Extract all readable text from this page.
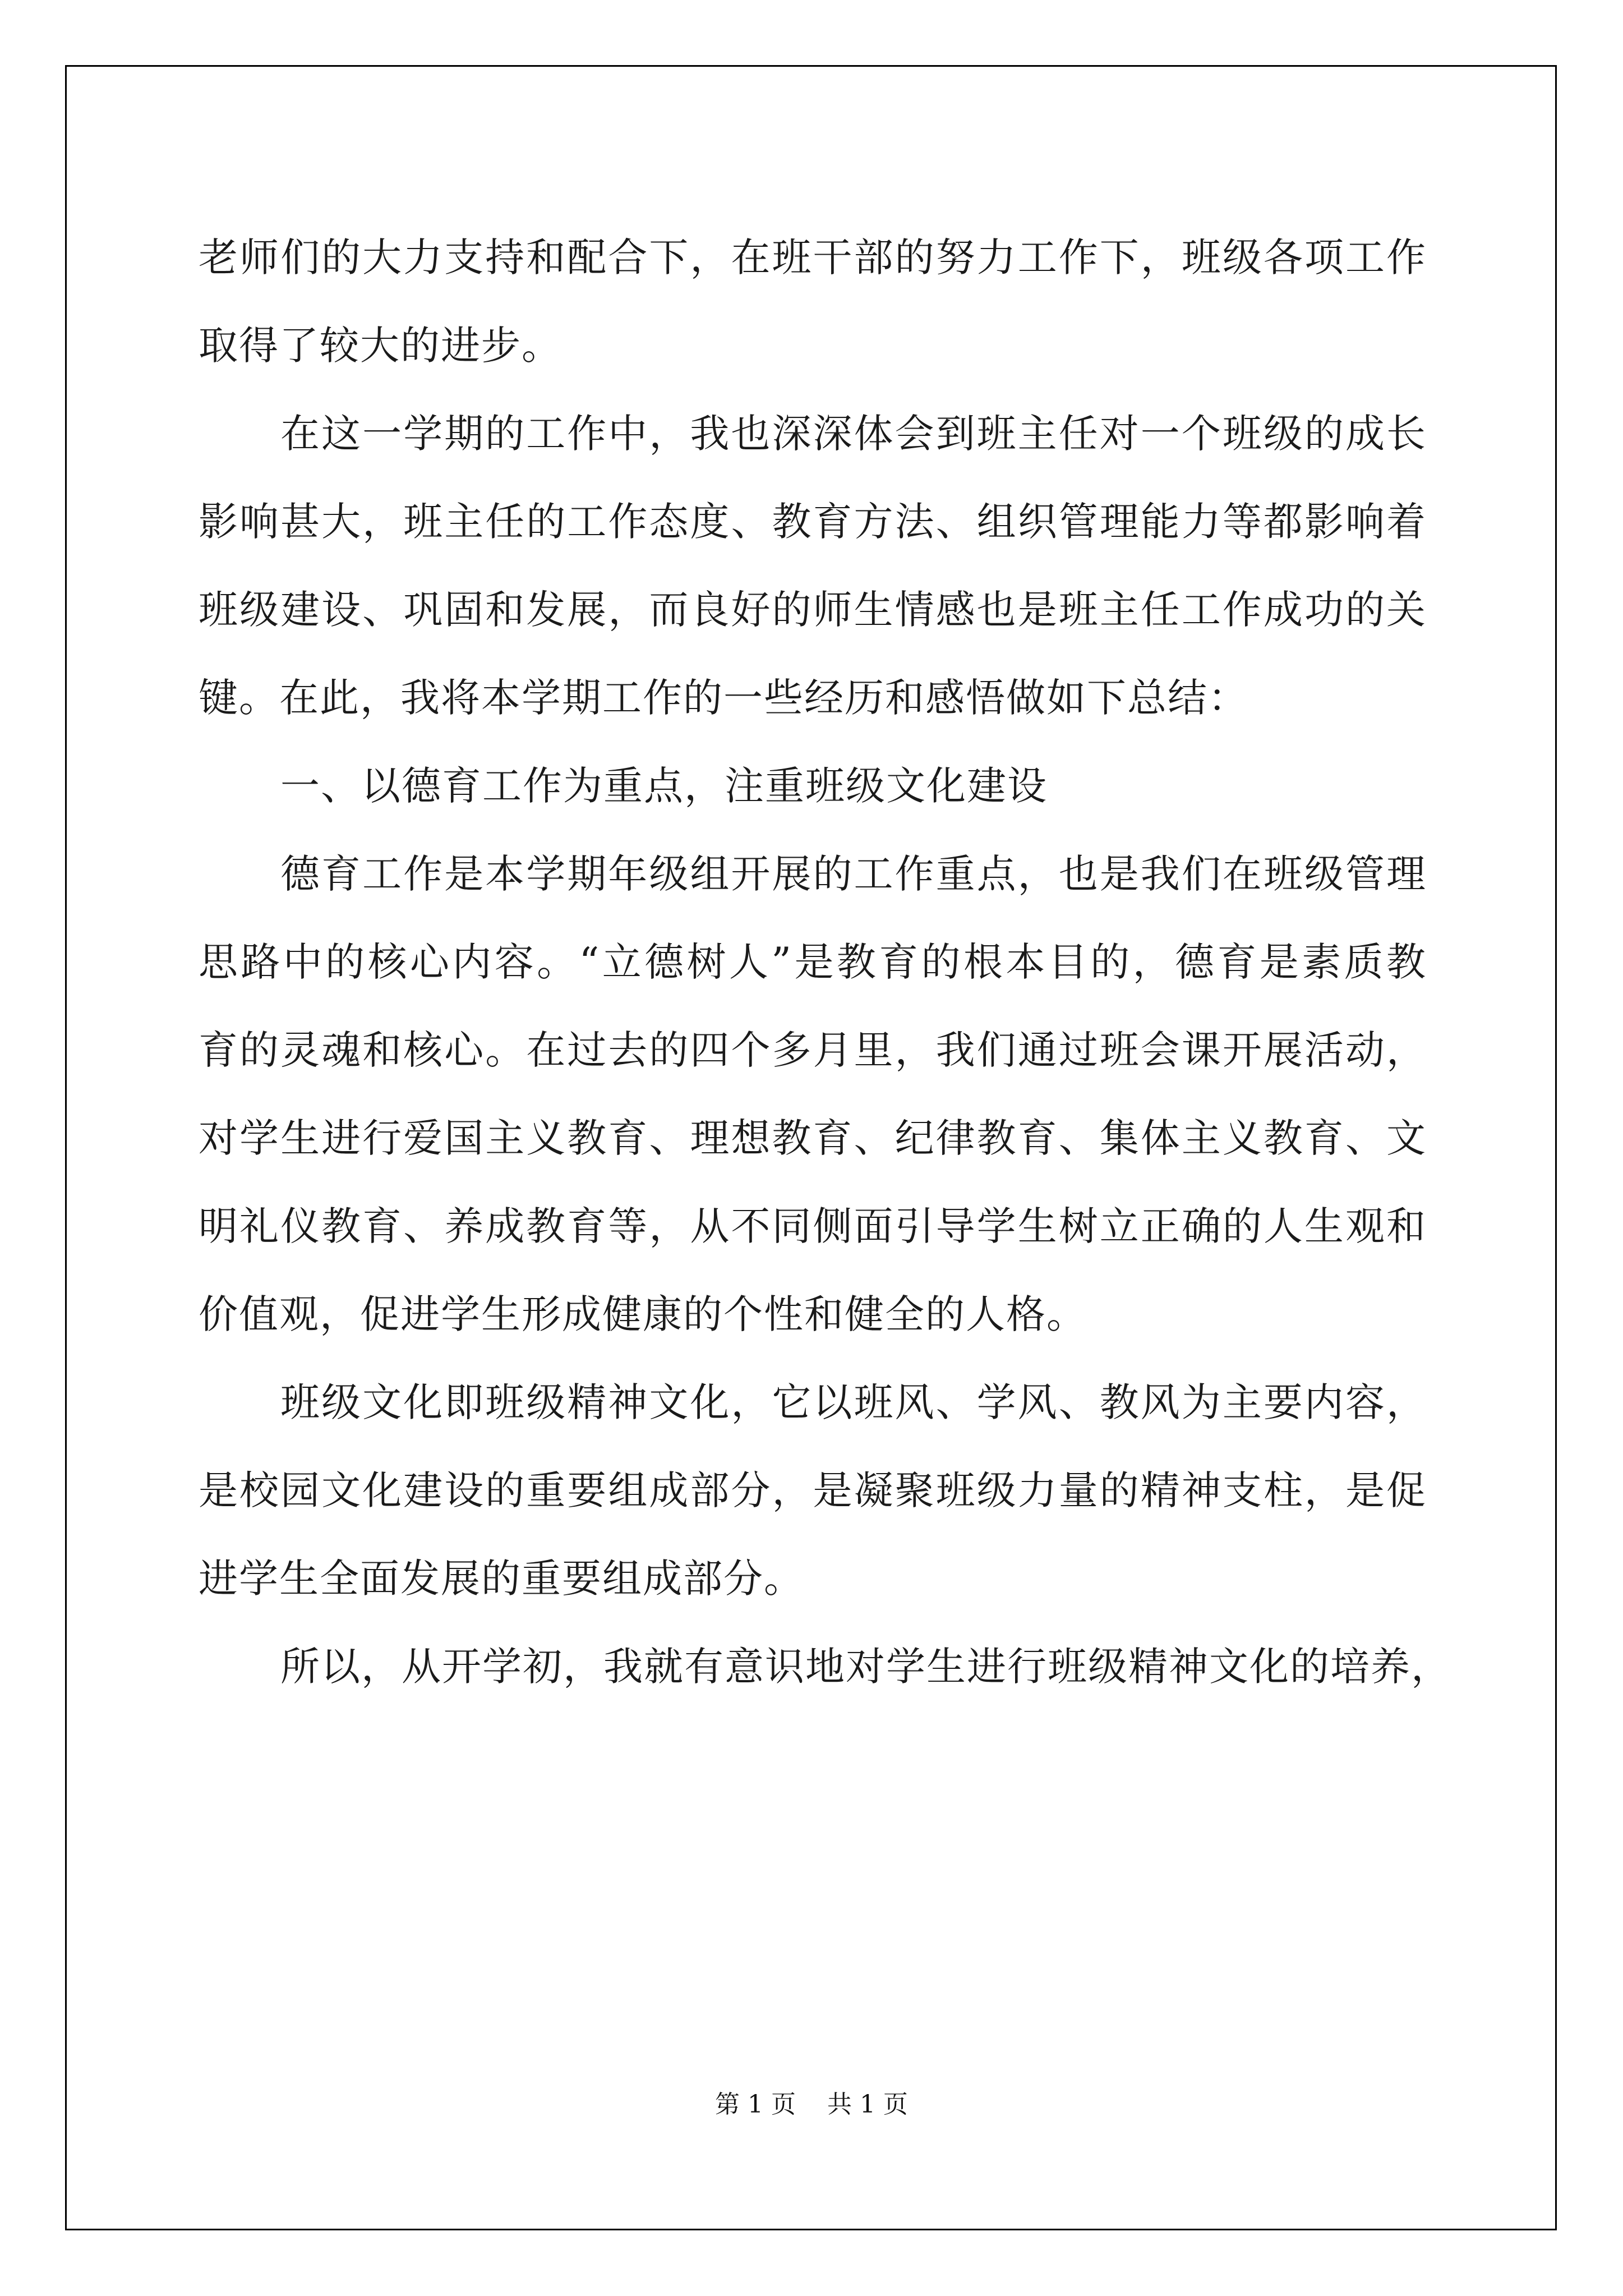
老师们的大力支持和配合下，在班干部的努力工作下，班级各项工作
取得了较大的进步。
在这一学期的工作中，我也深深体会到班主任对一个班级的成长
影响甚大，班主任的工作态度、教育方法、组织管理能力等都影响着
班级建设、巩固和发展，而良好的师生情感也是班主任工作成功的关
键。在此，我将本学期工作的一些经历和感悟做如下总结：
一、以德育工作为重点，注重班级文化建设
德育工作是本学期年级组开展的工作重点，也是我们在班级管理
思路中的核心内容。“立德树人”是教育的根本目的，德育是素质教
育的灵魂和核心。在过去的四个多月里，我们通过班会课开展活动，
对学生进行爱国主义教育、理想教育、纪律教育、集体主义教育、文
明礼仪教育、养成教育等，从不同侧面引导学生树立正确的人生观和
价值观，促进学生形成健康的个性和健全的人格。
班级文化即班级精神文化，它以班风、学风、教风为主要内容，
是校园文化建设的重要组成部分，是凝聚班级力量的精神支柱，是促
进学生全面发展的重要组成部分。
所以，从开学初，我就有意识地对学生进行班级精神文化的培养，
第 1 页    共 1 页
